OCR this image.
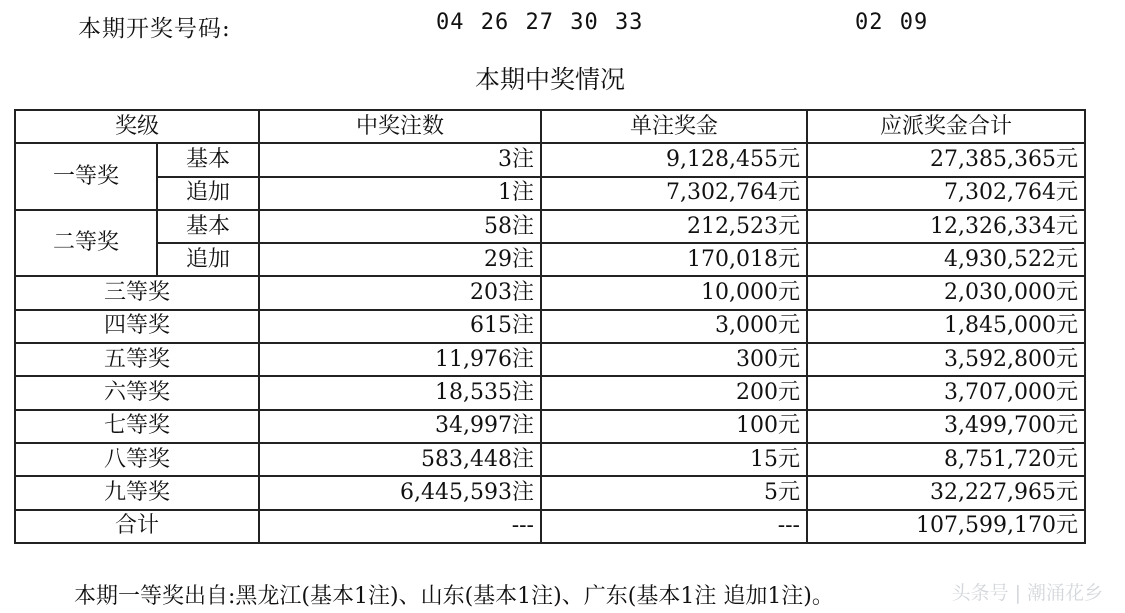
本期开奖号码:	04 26 27 30 33	02 09
本期中奖情况
奖级		中奖注数	单注奖金	应派奖金合计
一等奖	基本	3注	9,128,455元	27,385,365元
	追加	1注	7,302,764元	7,302,764元
二等奖	基本	58注	212,523元	12,326,334元
	追加	29注	170,018元	4,930,522元
三等奖		203注	10,000元	2,030,000元
四等奖		615注	3,000元	1,845,000元
五等奖		11,976注	300元	3,592,800元
六等奖		18,535注	200元	3,707,000元
七等奖		34,997注	100元	3,499,700元
八等奖		583,448注	15元	8,751,720元
九等奖		6,445,593注	5元	32,227,965元
合计		---	---	107,599,170元
本期一等奖出自:黑龙江(基本1注)、山东(基本1注)、广东(基本1注 追加1注)。	头条号 | 潮涌花乡
